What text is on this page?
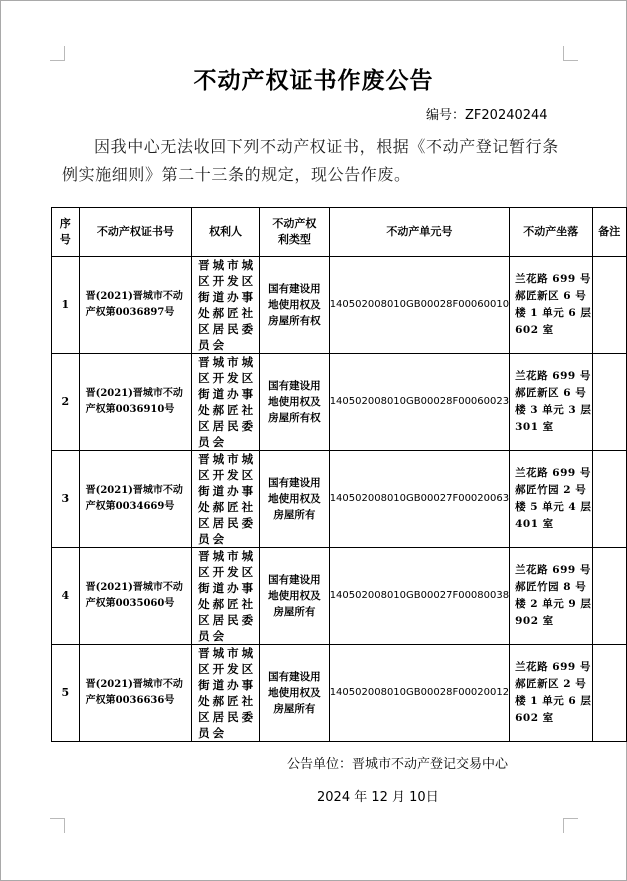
不动产权证书作废公告
编号：ZF20240244
因我中心无法收回下列不动产权证书，根据《不动产登记暂行条例实施细则》第二十三条的规定，现公告作废。
序号	不动产权证书号	权利人	不动产权利类型	不动产单元号	不动产坐落	备注
1	晋(2021)晋城市不动产权第0036897号	晋城市城区开发区街道办事处郝匠社区居民委员会	国有建设用地使用权及房屋所有权	140502008010GB00028F00060010	兰花路 699 号郝匠新区 6 号楼 1 单元 6 层 602 室	
2	晋(2021)晋城市不动产权第0036910号	晋城市城区开发区街道办事处郝匠社区居民委员会	国有建设用地使用权及房屋所有权	140502008010GB00028F00060023	兰花路 699 号郝匠新区 6 号楼 3 单元 3 层 301 室	
3	晋(2021)晋城市不动产权第0034669号	晋城市城区开发区街道办事处郝匠社区居民委员会	国有建设用地使用权及房屋所有	140502008010GB00027F00020063	兰花路 699 号郝匠竹园 2 号楼 5 单元 4 层 401 室	
4	晋(2021)晋城市不动产权第0035060号	晋城市城区开发区街道办事处郝匠社区居民委员会	国有建设用地使用权及房屋所有	140502008010GB00027F00080038	兰花路 699 号郝匠竹园 8 号楼 2 单元 9 层 902 室	
5	晋(2021)晋城市不动产权第0036636号	晋城市城区开发区街道办事处郝匠社区居民委员会	国有建设用地使用权及房屋所有	140502008010GB00028F00020012	兰花路 699 号郝匠新区 2 号楼 1 单元 6 层 602 室	
公告单位：晋城市不动产登记交易中心
2024 年 12 月 10日
